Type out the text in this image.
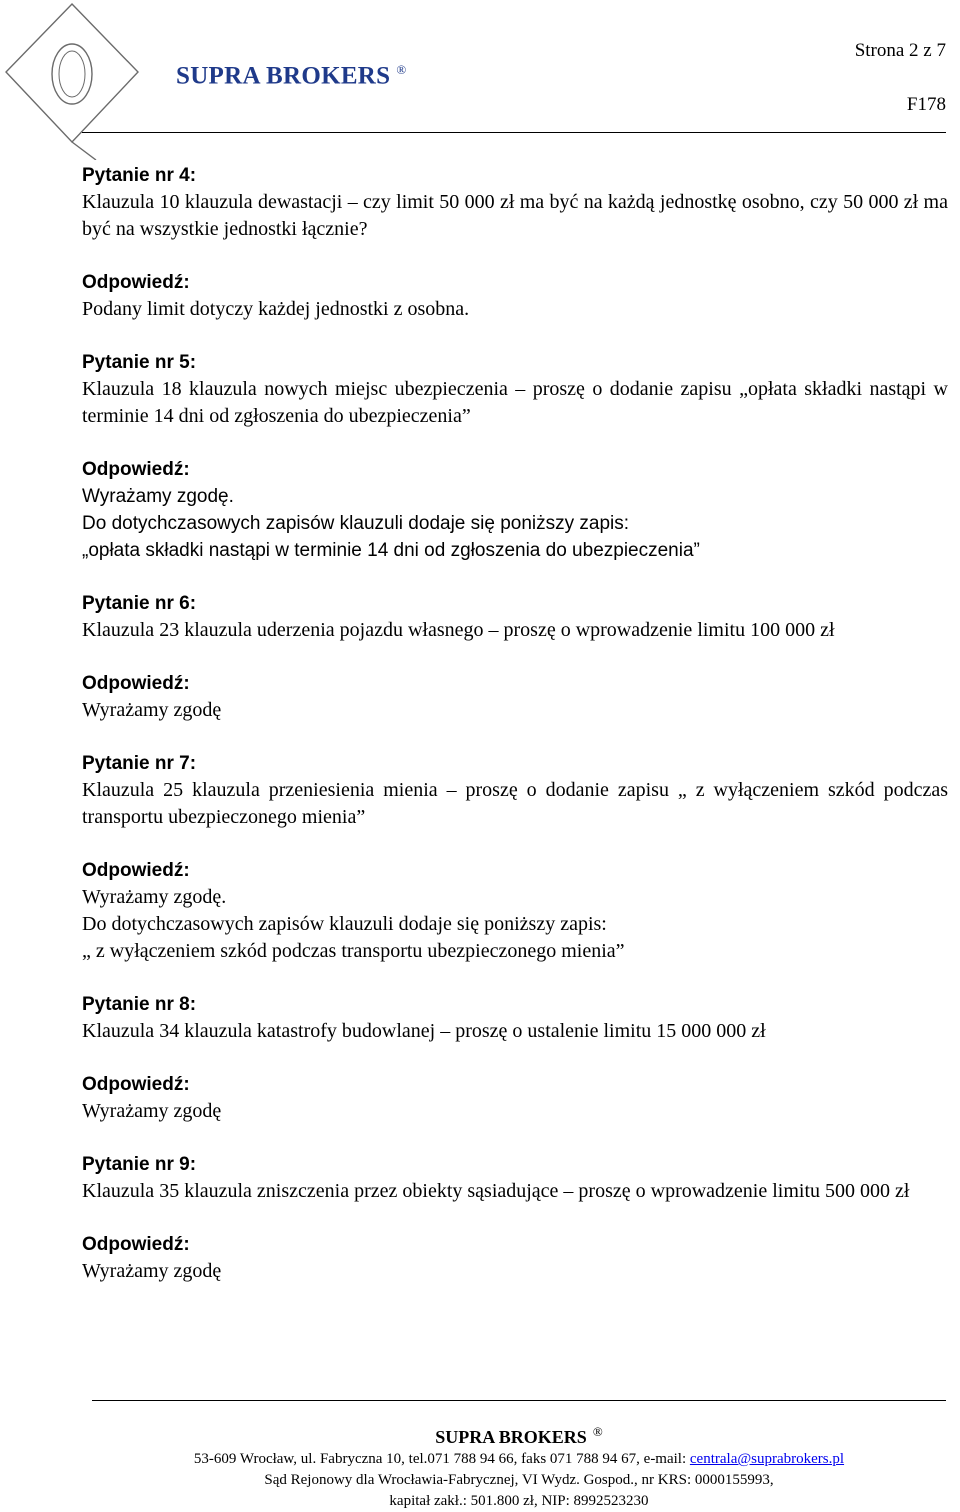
SUPRA BROKERS ®
Strona 2 z 7
F178
Pytanie nr 4:
Klauzula 10 klauzula dewastacji – czy limit 50 000 zł ma być na każdą jednostkę osobno, czy 50 000 zł ma być na wszystkie jednostki łącznie?
Odpowiedź:
Podany limit dotyczy każdej jednostki z osobna.
Pytanie nr 5:
Klauzula 18 klauzula nowych miejsc ubezpieczenia – proszę o dodanie zapisu „opłata składki nastąpi w terminie 14 dni od zgłoszenia do ubezpieczenia”
Odpowiedź:
Wyrażamy zgodę.
Do dotychczasowych zapisów klauzuli dodaje się poniższy zapis:
„opłata składki nastąpi w terminie 14 dni od zgłoszenia do ubezpieczenia”
Pytanie nr 6:
Klauzula 23 klauzula uderzenia pojazdu własnego – proszę o wprowadzenie limitu 100 000 zł
Odpowiedź:
Wyrażamy zgodę
Pytanie nr 7:
Klauzula 25 klauzula przeniesienia mienia – proszę o dodanie zapisu „ z wyłączeniem szkód podczas transportu ubezpieczonego mienia”
Odpowiedź:
Wyrażamy zgodę.
Do dotychczasowych zapisów klauzuli dodaje się poniższy zapis:
„ z wyłączeniem szkód podczas transportu ubezpieczonego mienia”
Pytanie nr 8:
Klauzula 34 klauzula katastrofy budowlanej – proszę o ustalenie limitu 15 000 000 zł
Odpowiedź:
Wyrażamy zgodę
Pytanie nr 9:
Klauzula 35 klauzula zniszczenia przez obiekty sąsiadujące – proszę o wprowadzenie limitu 500 000 zł
Odpowiedź:
Wyrażamy zgodę
SUPRA BROKERS ®
53-609 Wrocław, ul. Fabryczna 10, tel.071 788 94 66, faks 071 788 94 67, e-mail: centrala@suprabrokers.pl
Sąd Rejonowy dla Wrocławia-Fabrycznej, VI Wydz. Gospod., nr KRS: 0000155993,
kapitał zakł.: 501.800 zł, NIP: 8992523230
